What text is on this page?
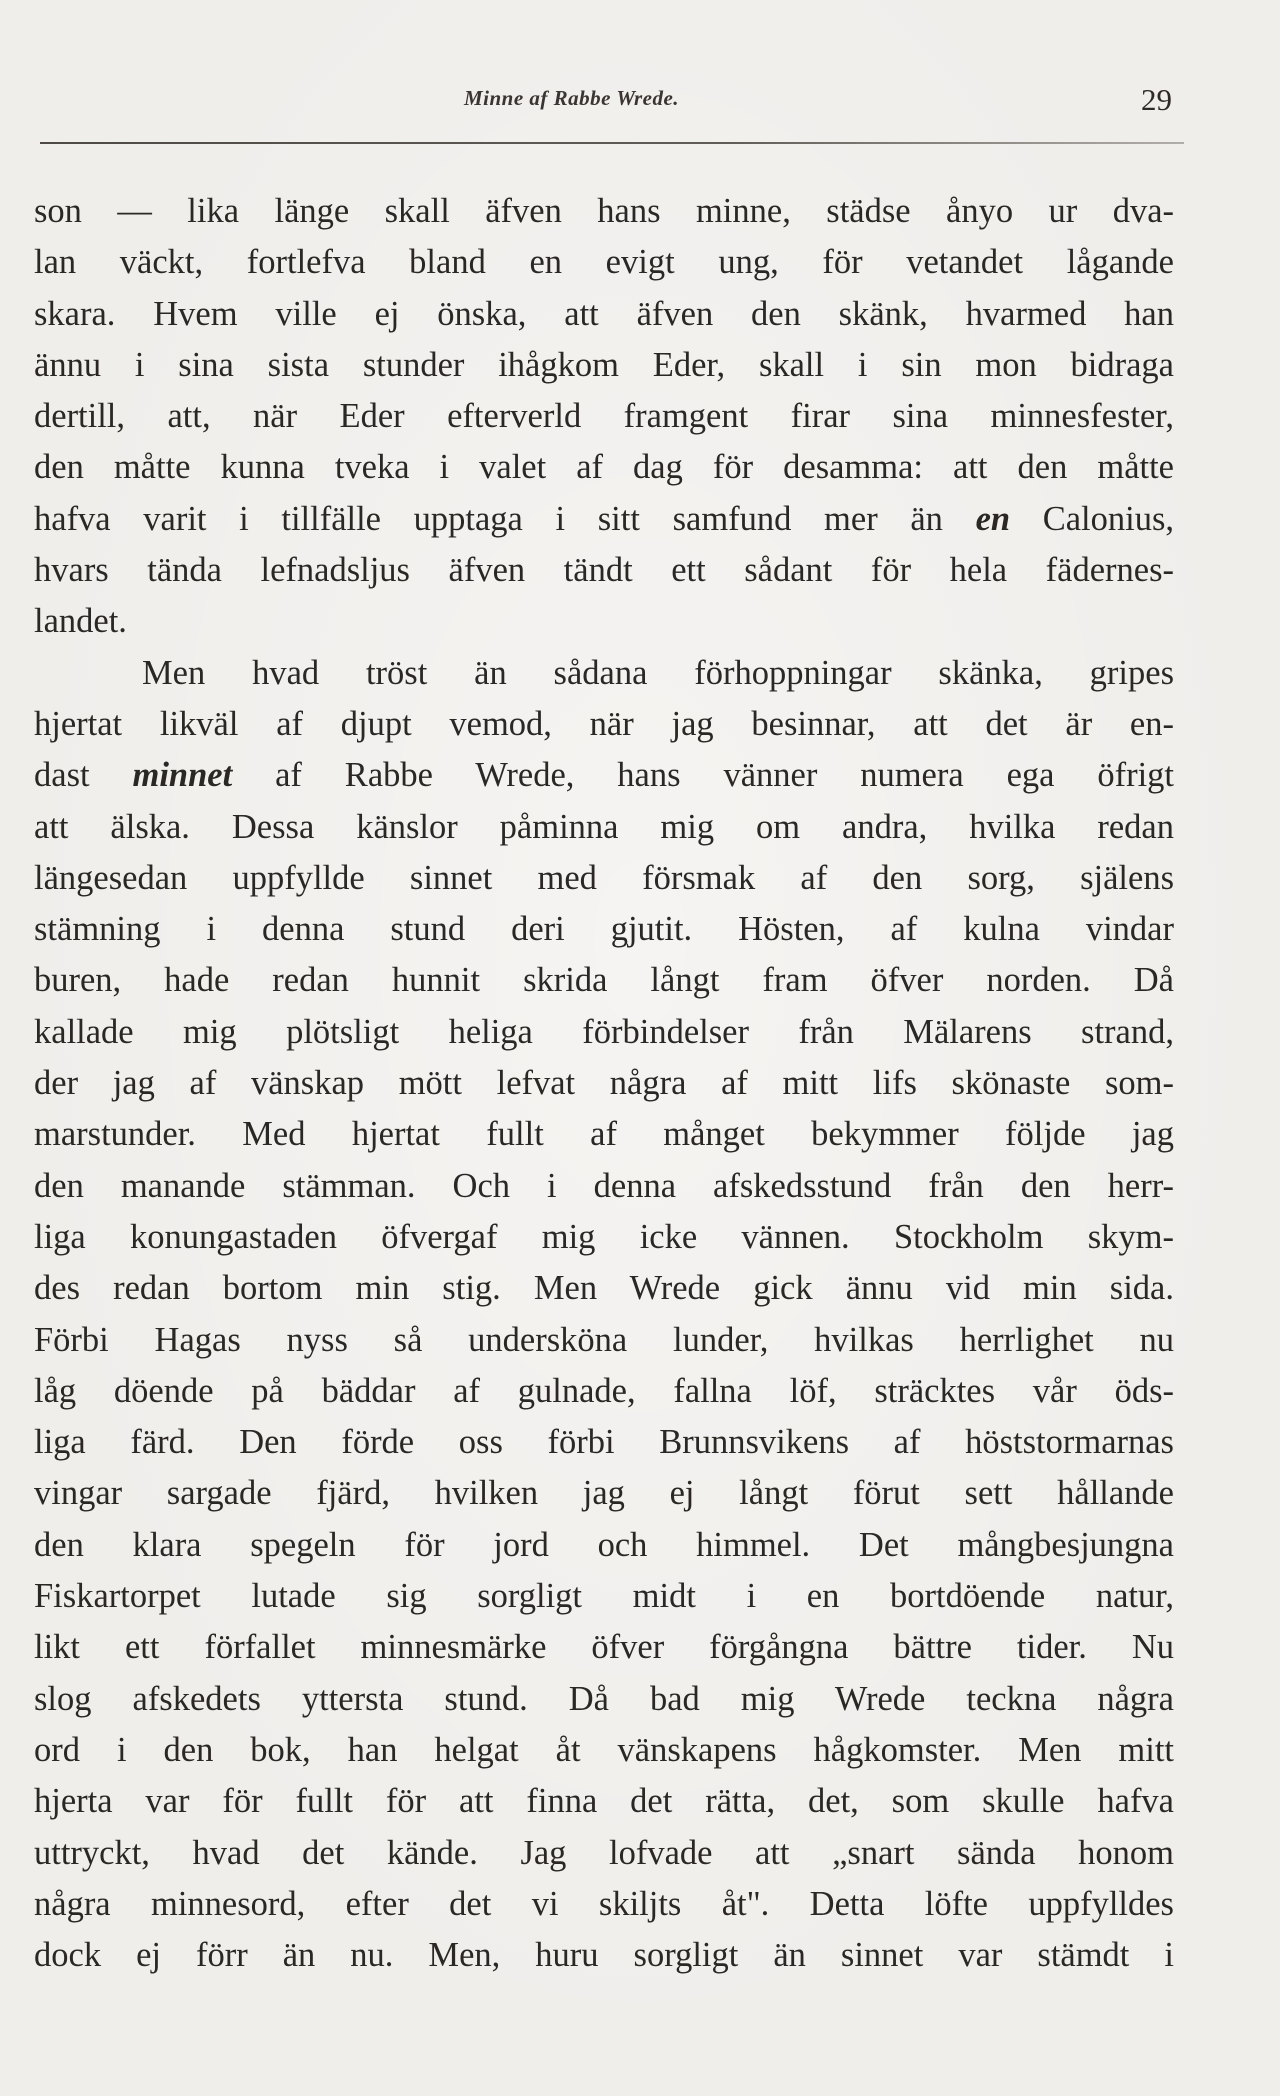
Minne af Rabbe Wrede.	29
son — lika länge skall äfven hans minne, städse ånyo ur dva-
lan väckt, fortlefva bland en evigt ung, för vetandet lågande
skara. Hvem ville ej önska, att äfven den skänk, hvarmed han
ännu i sina sista stunder ihågkom Eder, skall i sin mon bidraga
dertill, att, när Eder efterverld framgent firar sina minnesfester,
den måtte kunna tveka i valet af dag för desamma: att den måtte
hafva varit i tillfälle upptaga i sitt samfund mer än en Calonius,
hvars tända lefnadsljus äfven tändt ett sådant för hela fädernes-
landet.
Men hvad tröst än sådana förhoppningar skänka, gripes
hjertat likväl af djupt vemod, när jag besinnar, att det är en-
dast minnet af Rabbe Wrede, hans vänner numera ega öfrigt
att älska. Dessa känslor påminna mig om andra, hvilka redan
längesedan uppfyllde sinnet med försmak af den sorg, själens
stämning i denna stund deri gjutit. Hösten, af kulna vindar
buren, hade redan hunnit skrida långt fram öfver norden. Då
kallade mig plötsligt heliga förbindelser från Mälarens strand,
der jag af vänskap mött lefvat några af mitt lifs skönaste som-
marstunder. Med hjertat fullt af månget bekymmer följde jag
den manande stämman. Och i denna afskedsstund från den herr-
liga konungastaden öfvergaf mig icke vännen. Stockholm skym-
des redan bortom min stig. Men Wrede gick ännu vid min sida.
Förbi Hagas nyss så undersköna lunder, hvilkas herrlighet nu
låg döende på bäddar af gulnade, fallna löf, sträcktes vår öds-
liga färd. Den förde oss förbi Brunnsvikens af höststormarnas
vingar sargade fjärd, hvilken jag ej långt förut sett hållande
den klara spegeln för jord och himmel. Det mångbesjungna
Fiskartorpet lutade sig sorgligt midt i en bortdöende natur,
likt ett förfallet minnesmärke öfver förgångna bättre tider. Nu
slog afskedets yttersta stund. Då bad mig Wrede teckna några
ord i den bok, han helgat åt vänskapens hågkomster. Men mitt
hjerta var för fullt för att finna det rätta, det, som skulle hafva
uttryckt, hvad det kände. Jag lofvade att „snart sända honom
några minnesord, efter det vi skiljts åt". Detta löfte uppfylldes
dock ej förr än nu. Men, huru sorgligt än sinnet var stämdt i
